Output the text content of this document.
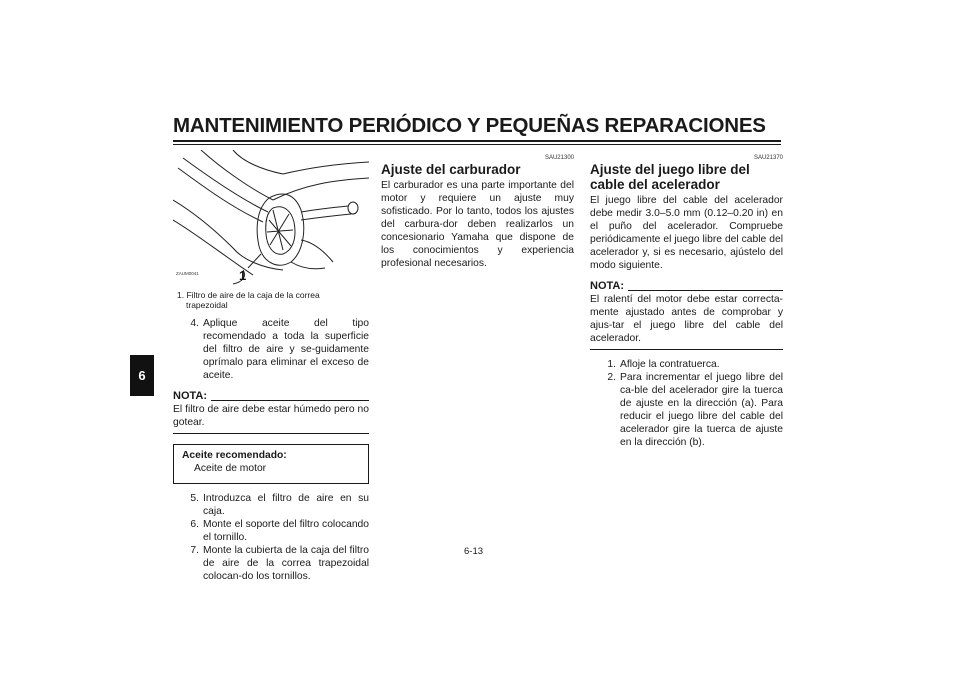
MANTENIMIENTO PERIÓDICO Y PEQUEÑAS REPARACIONES
6
1
ZAUM0041
1. Filtro de aire de la caja de la correa
trapezoidal
4. Aplique aceite del tipo recomendado a toda la superficie del filtro de aire y se-guidamente oprímalo para eliminar el exceso de aceite.
NOTA:
El filtro de aire debe estar húmedo pero no gotear.
Aceite recomendado:
Aceite de motor
5. Introduzca el filtro de aire en su caja.
6. Monte el soporte del filtro colocando el tornillo.
7. Monte la cubierta de la caja del filtro de aire de la correa trapezoidal colocan-do los tornillos.
SAU21300
Ajuste del carburador
El carburador es una parte importante del motor y requiere un ajuste muy sofisticado. Por lo tanto, todos los ajustes del carbura-dor deben realizarlos un concesionario Yamaha que dispone de los conocimientos y experiencia profesional necesarios.
SAU21370
Ajuste del juego libre del cable del acelerador
El juego libre del cable del acelerador debe medir 3.0–5.0 mm (0.12–0.20 in) en el puño del acelerador. Compruebe periódicamente el juego libre del cable del acelerador y, si es necesario, ajústelo del modo siguiente.
NOTA:
El ralentí del motor debe estar correcta-mente ajustado antes de comprobar y ajus-tar el juego libre del cable del acelerador.
1. Afloje la contratuerca.
2. Para incrementar el juego libre del ca-ble del acelerador gire la tuerca de ajuste en la dirección (a). Para reducir el juego libre del cable del acelerador gire la tuerca de ajuste en la dirección (b).
6-13
